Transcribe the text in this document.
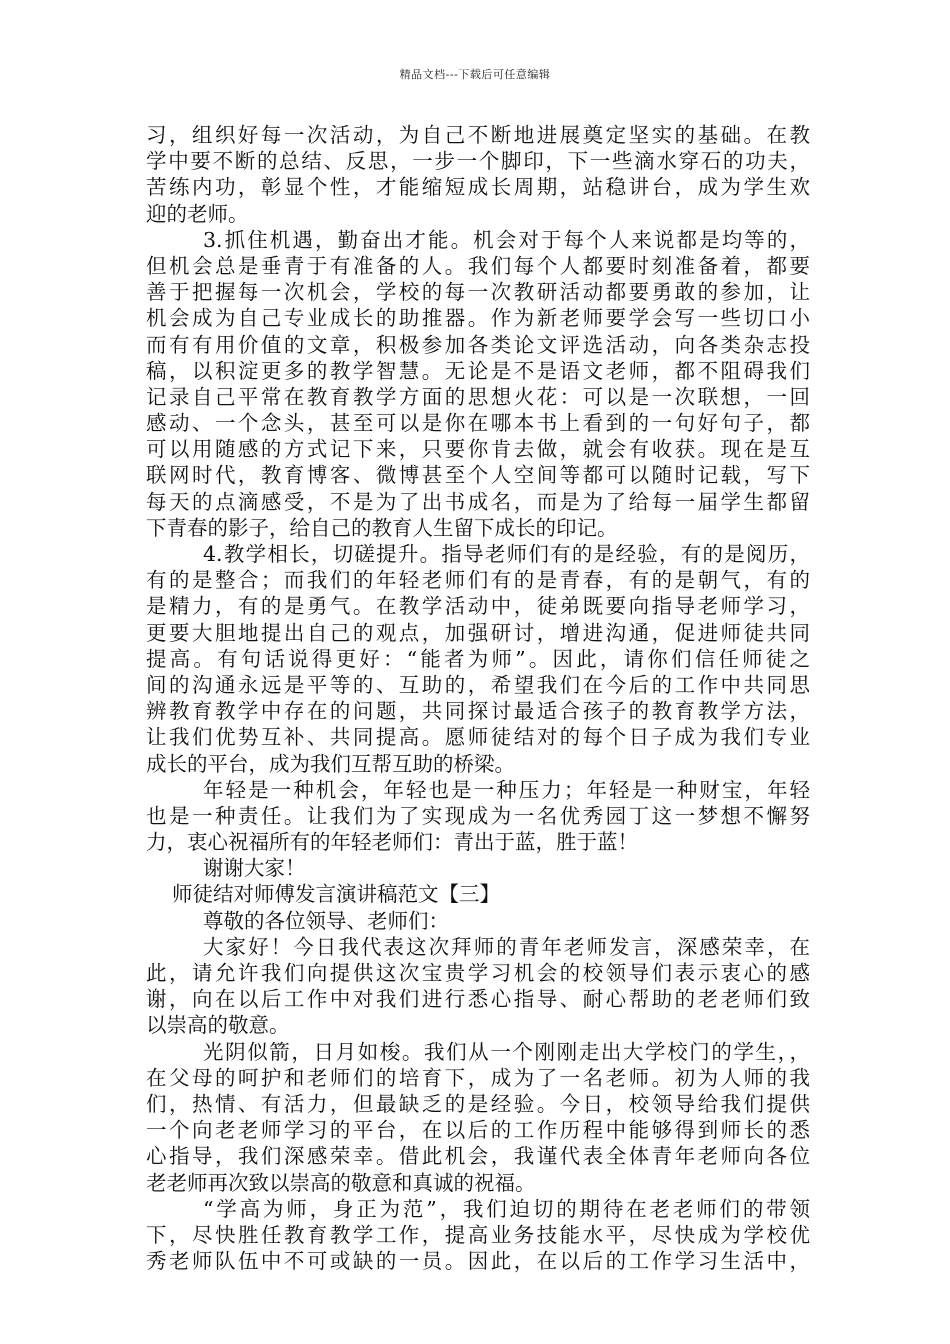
精品文档---下载后可任意编辑
习，组织好每一次活动，为自己不断地进展奠定坚实的基础。在教
学中要不断的总结、反思，一步一个脚印，下一些滴水穿石的功夫，
苦练内功，彰显个性，才能缩短成长周期，站稳讲台，成为学生欢
迎的老师。
3.抓住机遇，勤奋出才能。机会对于每个人来说都是均等的，
但机会总是垂青于有准备的人。我们每个人都要时刻准备着，都要
善于把握每一次机会，学校的每一次教研活动都要勇敢的参加，让
机会成为自己专业成长的助推器。作为新老师要学会写一些切口小
而有有用价值的文章，积极参加各类论文评选活动，向各类杂志投
稿，以积淀更多的教学智慧。无论是不是语文老师，都不阻碍我们
记录自己平常在教育教学方面的思想火花：可以是一次联想，一回
感动、一个念头，甚至可以是你在哪本书上看到的一句好句子，都
可以用随感的方式记下来，只要你肯去做，就会有收获。现在是互
联网时代，教育博客、微博甚至个人空间等都可以随时记载，写下
每天的点滴感受，不是为了出书成名，而是为了给每一届学生都留
下青春的影子，给自己的教育人生留下成长的印记。
4.教学相长，切磋提升。指导老师们有的是经验，有的是阅历，
有的是整合；而我们的年轻老师们有的是青春，有的是朝气，有的
是精力，有的是勇气。在教学活动中，徒弟既要向指导老师学习，
更要大胆地提出自己的观点，加强研讨，增进沟通，促进师徒共同
提高。有句话说得更好：“能者为师”。因此，请你们信任师徒之
间的沟通永远是平等的、互助的，希望我们在今后的工作中共同思
辨教育教学中存在的问题，共同探讨最适合孩子的教育教学方法，
让我们优势互补、共同提高。愿师徒结对的每个日子成为我们专业
成长的平台，成为我们互帮互助的桥梁。
年轻是一种机会，年轻也是一种压力；年轻是一种财宝，年轻
也是一种责任。让我们为了实现成为一名优秀园丁这一梦想不懈努
力，衷心祝福所有的年轻老师们：青出于蓝，胜于蓝！
谢谢大家！
师徒结对师傅发言演讲稿范文【三】
尊敬的各位领导、老师们：
大家好！今日我代表这次拜师的青年老师发言，深感荣幸，在
此，请允许我们向提供这次宝贵学习机会的校领导们表示衷心的感
谢，向在以后工作中对我们进行悉心指导、耐心帮助的老老师们致
以崇高的敬意。
光阴似箭，日月如梭。我们从一个刚刚走出大学校门的学生，，
在父母的呵护和老师们的培育下，成为了一名老师。初为人师的我
们，热情、有活力，但最缺乏的是经验。今日，校领导给我们提供
一个向老老师学习的平台，在以后的工作历程中能够得到师长的悉
心指导，我们深感荣幸。借此机会，我谨代表全体青年老师向各位
老老师再次致以崇高的敬意和真诚的祝福。
“学高为师，身正为范”，我们迫切的期待在老老师们的带领
下，尽快胜任教育教学工作，提高业务技能水平，尽快成为学校优
秀老师队伍中不可或缺的一员。因此，在以后的工作学习生活中，
